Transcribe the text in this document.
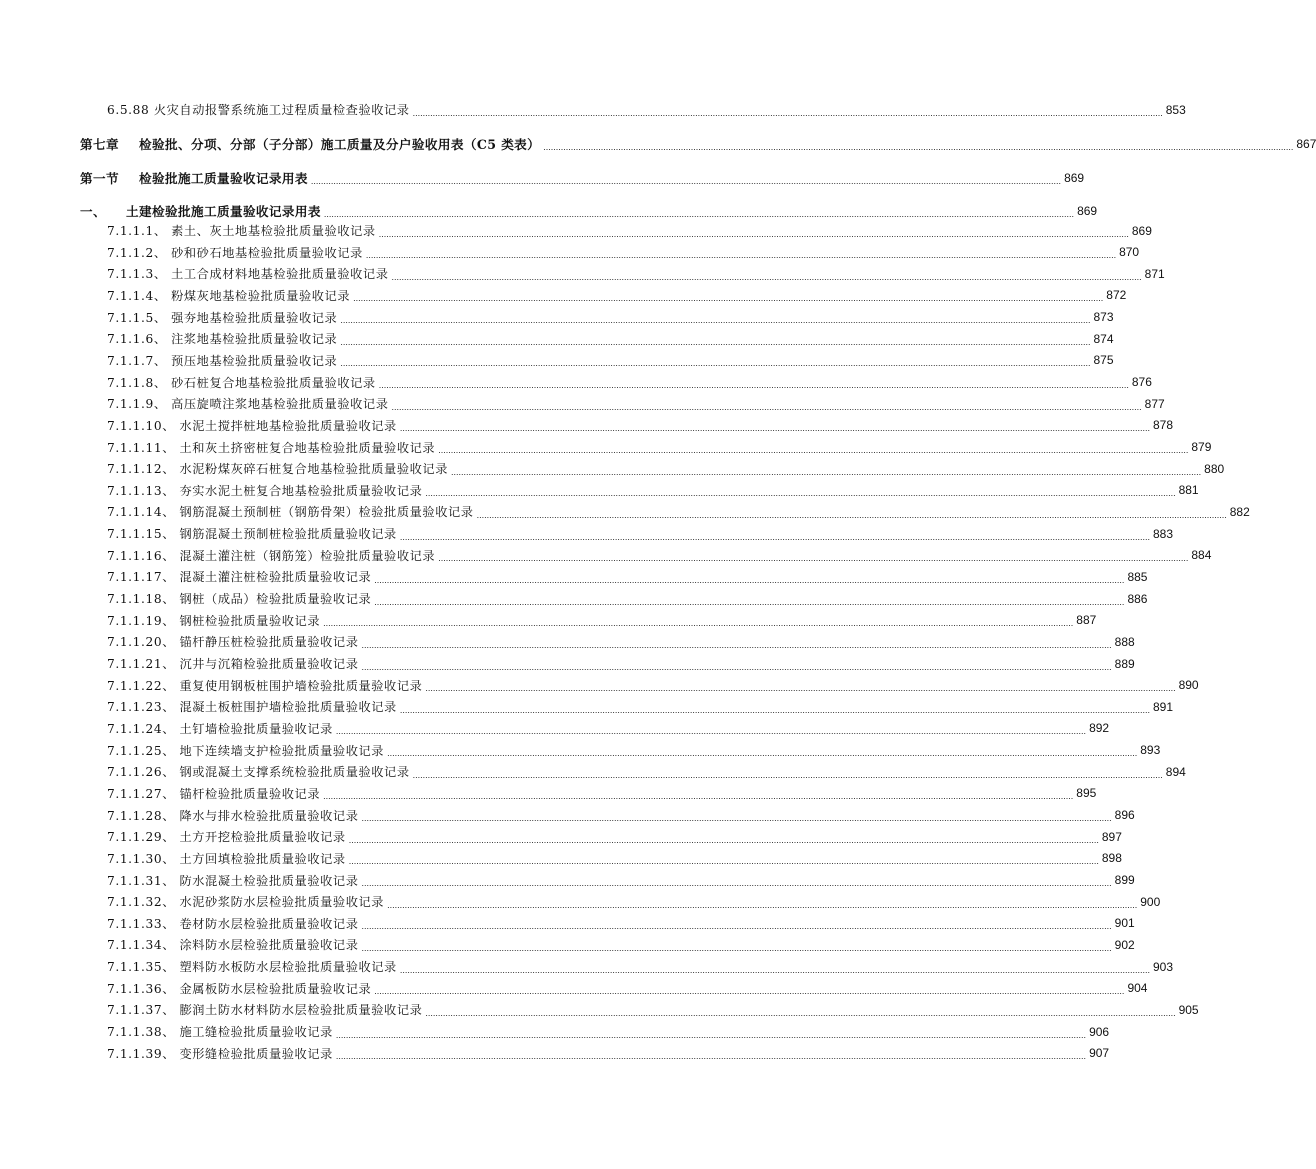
6.5.88 火灾自动报警系统施工过程质量检查验收记录 ............................................................................................................................................................................................................................................................................................................ 853
第七章 检验批、分项、分部（子分部）施工质量及分户验收用表（C5 类表） ............................................................................................................................................................................................................................................................................................................ 867
第一节 检验批施工质量验收记录用表 ............................................................................................................................................................................................................................................................................................................ 869
一、 土建检验批施工质量验收记录用表 ............................................................................................................................................................................................................................................................................................................ 869
7.1.1.1、 素土、灰土地基检验批质量验收记录 ............................................................................................................................................................................................................................................................................................................ 869
7.1.1.2、 砂和砂石地基检验批质量验收记录 ............................................................................................................................................................................................................................................................................................................ 870
7.1.1.3、 土工合成材料地基检验批质量验收记录 ............................................................................................................................................................................................................................................................................................................ 871
7.1.1.4、 粉煤灰地基检验批质量验收记录 ............................................................................................................................................................................................................................................................................................................ 872
7.1.1.5、 强夯地基检验批质量验收记录 ............................................................................................................................................................................................................................................................................................................ 873
7.1.1.6、 注浆地基检验批质量验收记录 ............................................................................................................................................................................................................................................................................................................ 874
7.1.1.7、 预压地基检验批质量验收记录 ............................................................................................................................................................................................................................................................................................................ 875
7.1.1.8、 砂石桩复合地基检验批质量验收记录 ............................................................................................................................................................................................................................................................................................................ 876
7.1.1.9、 高压旋喷注浆地基检验批质量验收记录 ............................................................................................................................................................................................................................................................................................................ 877
7.1.1.10、 水泥土搅拌桩地基检验批质量验收记录 ............................................................................................................................................................................................................................................................................................................ 878
7.1.1.11、 土和灰土挤密桩复合地基检验批质量验收记录 ............................................................................................................................................................................................................................................................................................................ 879
7.1.1.12、 水泥粉煤灰碎石桩复合地基检验批质量验收记录 ............................................................................................................................................................................................................................................................................................................ 880
7.1.1.13、 夯实水泥土桩复合地基检验批质量验收记录 ............................................................................................................................................................................................................................................................................................................ 881
7.1.1.14、 钢筋混凝土预制桩（钢筋骨架）检验批质量验收记录 ............................................................................................................................................................................................................................................................................................................ 882
7.1.1.15、 钢筋混凝土预制桩检验批质量验收记录 ............................................................................................................................................................................................................................................................................................................ 883
7.1.1.16、 混凝土灌注桩（钢筋笼）检验批质量验收记录 ............................................................................................................................................................................................................................................................................................................ 884
7.1.1.17、 混凝土灌注桩检验批质量验收记录 ............................................................................................................................................................................................................................................................................................................ 885
7.1.1.18、 钢桩（成品）检验批质量验收记录 ............................................................................................................................................................................................................................................................................................................ 886
7.1.1.19、 钢桩检验批质量验收记录 ............................................................................................................................................................................................................................................................................................................ 887
7.1.1.20、 锚杆静压桩检验批质量验收记录 ............................................................................................................................................................................................................................................................................................................ 888
7.1.1.21、 沉井与沉箱检验批质量验收记录 ............................................................................................................................................................................................................................................................................................................ 889
7.1.1.22、 重复使用钢板桩围护墙检验批质量验收记录 ............................................................................................................................................................................................................................................................................................................ 890
7.1.1.23、 混凝土板桩围护墙检验批质量验收记录 ............................................................................................................................................................................................................................................................................................................ 891
7.1.1.24、 土钉墙检验批质量验收记录 ............................................................................................................................................................................................................................................................................................................ 892
7.1.1.25、 地下连续墙支护检验批质量验收记录 ............................................................................................................................................................................................................................................................................................................ 893
7.1.1.26、 钢或混凝土支撑系统检验批质量验收记录 ............................................................................................................................................................................................................................................................................................................ 894
7.1.1.27、 锚杆检验批质量验收记录 ............................................................................................................................................................................................................................................................................................................ 895
7.1.1.28、 降水与排水检验批质量验收记录 ............................................................................................................................................................................................................................................................................................................ 896
7.1.1.29、 土方开挖检验批质量验收记录 ............................................................................................................................................................................................................................................................................................................ 897
7.1.1.30、 土方回填检验批质量验收记录 ............................................................................................................................................................................................................................................................................................................ 898
7.1.1.31、 防水混凝土检验批质量验收记录 ............................................................................................................................................................................................................................................................................................................ 899
7.1.1.32、 水泥砂浆防水层检验批质量验收记录 ............................................................................................................................................................................................................................................................................................................ 900
7.1.1.33、 卷材防水层检验批质量验收记录 ............................................................................................................................................................................................................................................................................................................ 901
7.1.1.34、 涂料防水层检验批质量验收记录 ............................................................................................................................................................................................................................................................................................................ 902
7.1.1.35、 塑料防水板防水层检验批质量验收记录 ............................................................................................................................................................................................................................................................................................................ 903
7.1.1.36、 金属板防水层检验批质量验收记录 ............................................................................................................................................................................................................................................................................................................ 904
7.1.1.37、 膨润土防水材料防水层检验批质量验收记录 ............................................................................................................................................................................................................................................................................................................ 905
7.1.1.38、 施工缝检验批质量验收记录 ............................................................................................................................................................................................................................................................................................................ 906
7.1.1.39、 变形缝检验批质量验收记录 ............................................................................................................................................................................................................................................................................................................ 907
